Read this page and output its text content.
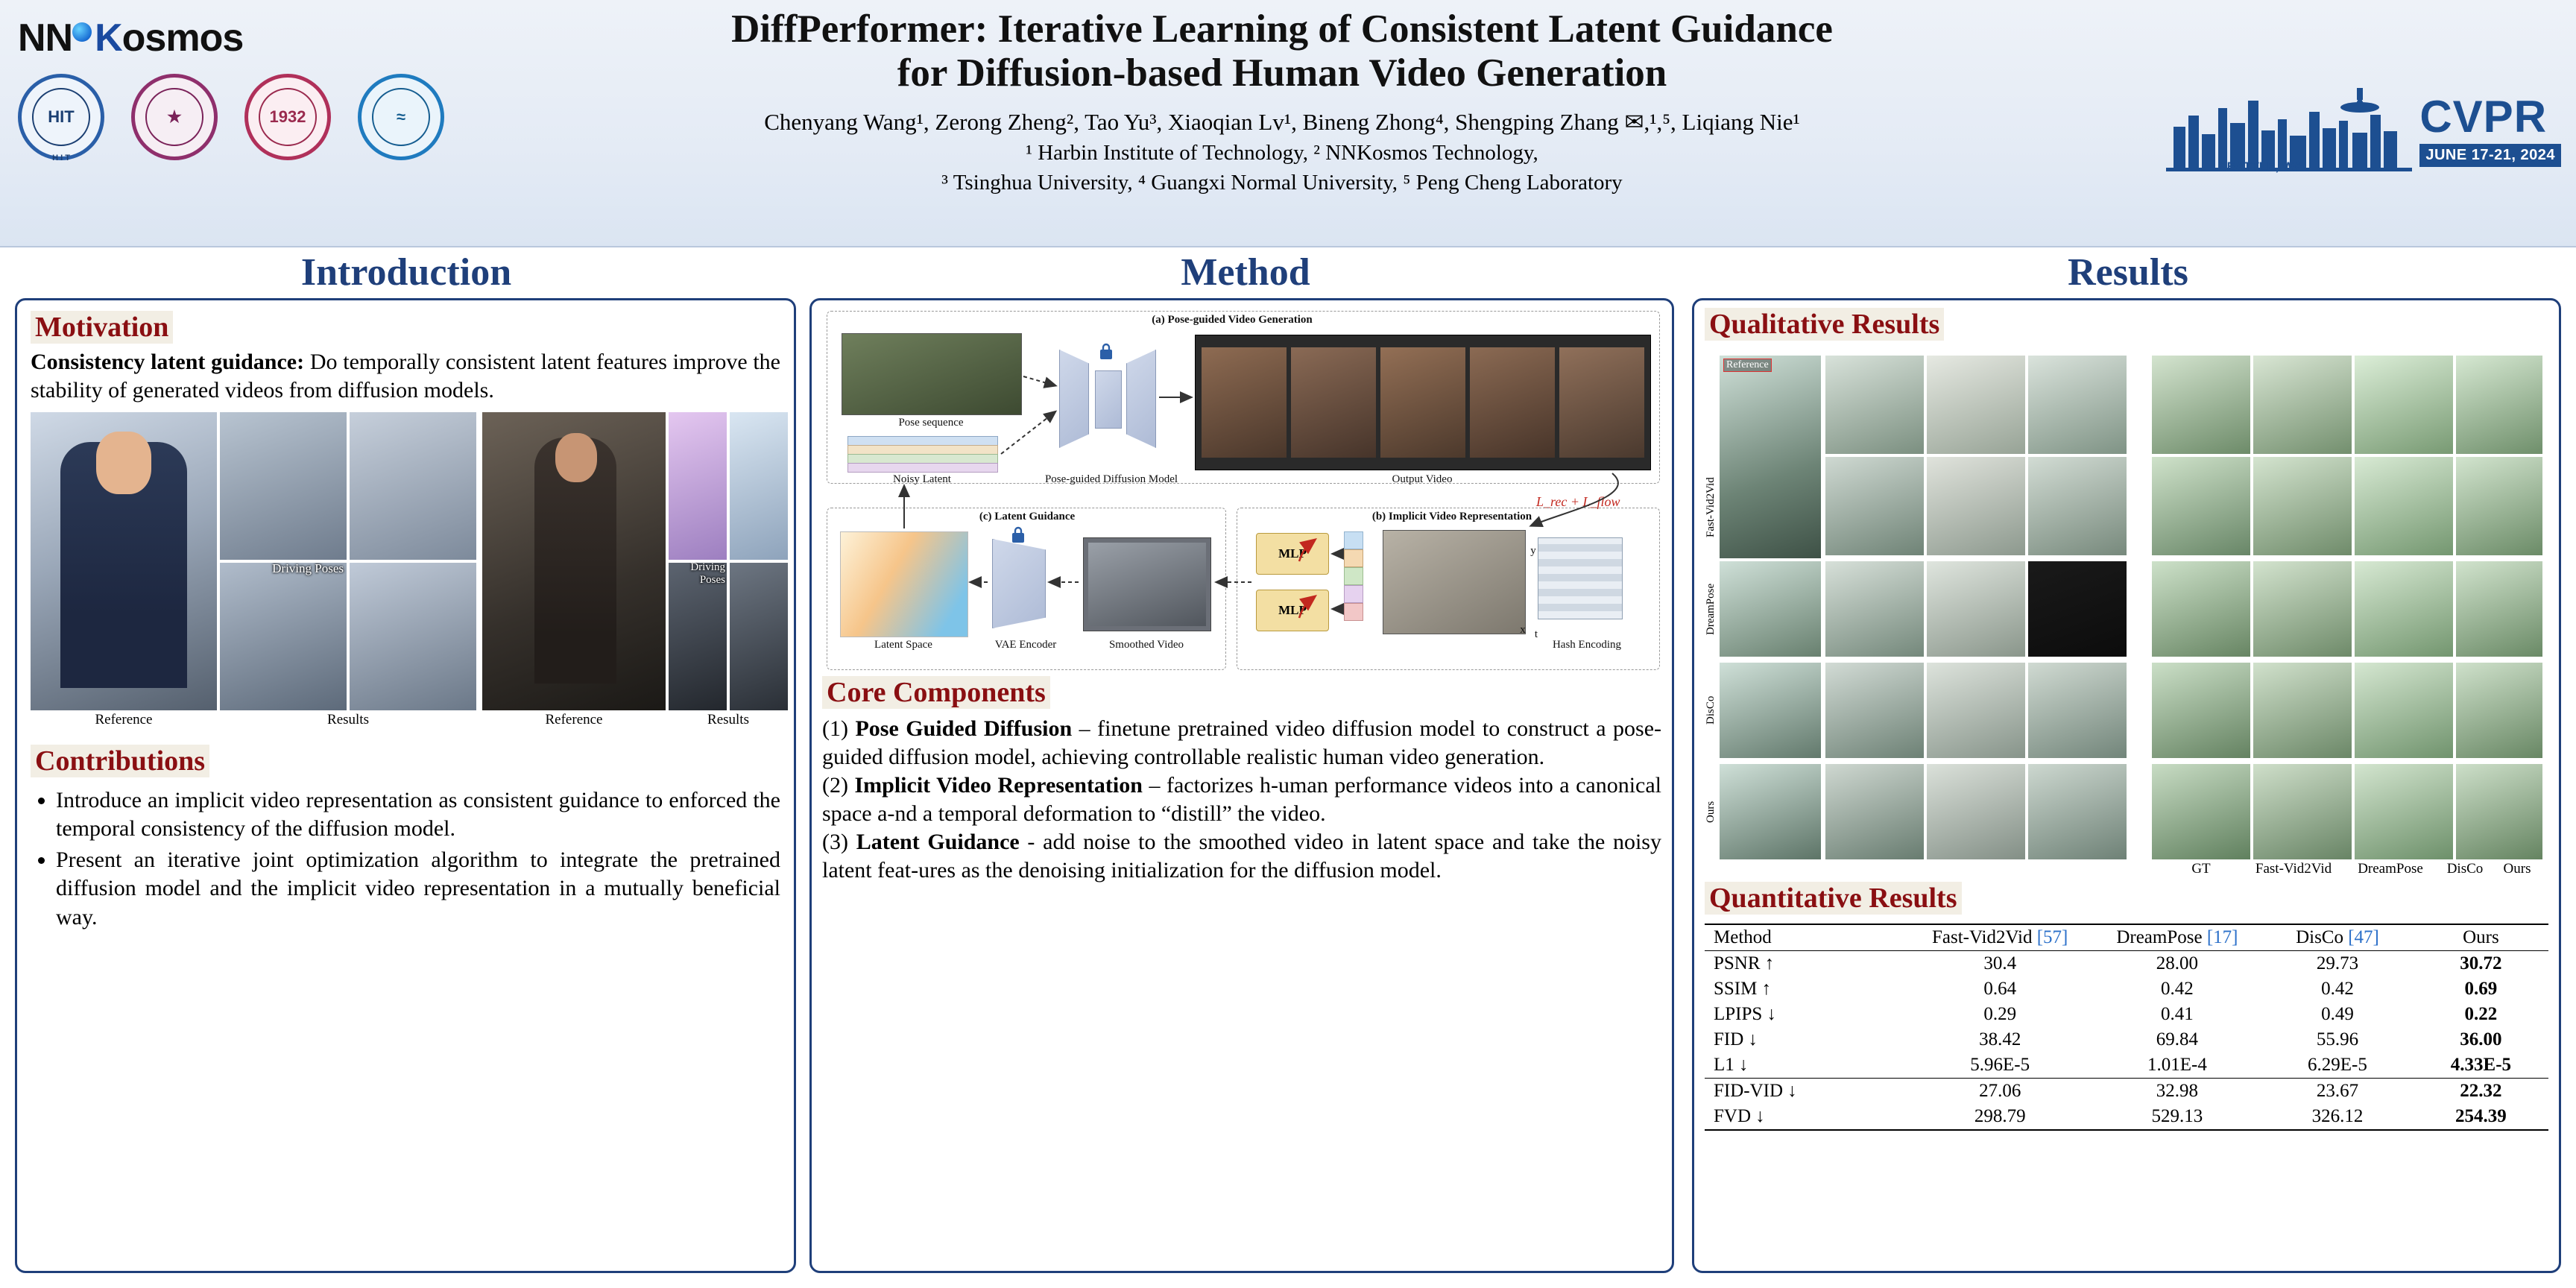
NN K osmos
HIT
H I T
★	1932	≈
DiffPerformer: Iterative Learning of Consistent Latent Guidance
for Diffusion-based Human Video Generation
Chenyang Wang¹, Zerong Zheng², Tao Yu³, Xiaoqian Lv¹, Bineng Zhong⁴, Shengping Zhang ✉,¹,⁵, Liqiang Nie¹
¹ Harbin Institute of Technology, ² NNKosmos Technology,
³ Tsinghua University, ⁴ Guangxi Normal University, ⁵ Peng Cheng Laboratory
SEATTLE, WA
CVPR
JUNE 17-21, 2024
Introduction	Method	Results
Motivation
Consistency latent guidance: Do temporally consistent latent features improve the stability of generated videos from diffusion models.
Driving Poses	Driving Poses
Reference	Results	Reference	Results
Contributions
• Introduce an implicit video representation as consistent guidance to enforced the temporal consistency of the diffusion model.
• Present an iterative joint optimization algorithm to integrate the pretrained diffusion model and the implicit video representation in a mutually beneficial way.
(a) Pose-guided Video Generation
Pose sequence
Noisy Latent	Pose-guided Diffusion Model	Output Video
L_rec + L_flow
(c) Latent Guidance
Latent Space	VAE Encoder	Smoothed Video
(b) Implicit Video Representation
MLP
MLP
x
y
t
Hash Encoding
Core Components
(1) Pose Guided Diffusion – finetune pretrained video diffusion model to construct a pose-guided diffusion model, achieving controllable realistic human video generation.
(2) Implicit Video Representation – factorizes h-uman performance videos into a canonical space a-nd a temporal deformation to “distill” the video.
(3) Latent Guidance - add noise to the smoothed video in latent space and take the noisy latent feat-ures as the denoising initialization for the diffusion model.
Qualitative Results
Fast-Vid2Vid
DreamPose
DisCo
Ours
Reference
GT	Fast-Vid2Vid	DreamPose	DisCo	Ours
Quantitative Results
Method	Fast-Vid2Vid [57]	DreamPose [17]	DisCo [47]	Ours
PSNR ↑	30.4	28.00	29.73	30.72
SSIM ↑	0.64	0.42	0.42	0.69
LPIPS ↓	0.29	0.41	0.49	0.22
FID ↓	38.42	69.84	55.96	36.00
L1 ↓	5.96E-5	1.01E-4	6.29E-5	4.33E-5
FID-VID ↓	27.06	32.98	23.67	22.32
FVD ↓	298.79	529.13	326.12	254.39
